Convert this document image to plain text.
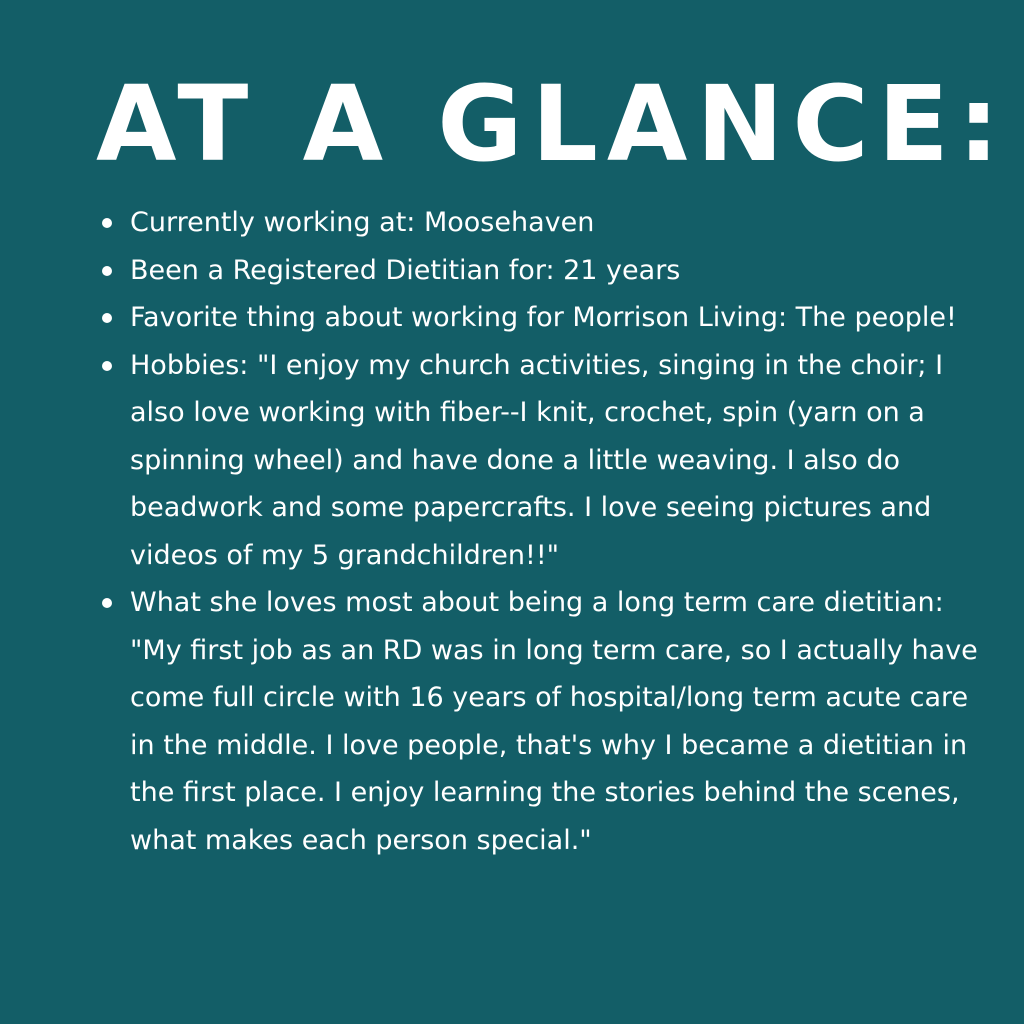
AT A GLANCE:
Currently working at: Moosehaven
Been a Registered Dietitian for: 21 years
Favorite thing about working for Morrison Living: The people!
Hobbies: "I enjoy my church activities, singing in the choir; I also love working with fiber--I knit, crochet, spin (yarn on a spinning wheel) and have done a little weaving. I also do beadwork and some papercrafts. I love seeing pictures and videos of my 5 grandchildren!!"
What she loves most about being a long term care dietitian: "My first job as an RD was in long term care, so I actually have come full circle with 16 years of hospital/long term acute care in the middle. I love people, that's why I became a dietitian in the first place. I enjoy learning the stories behind the scenes, what makes each person special."
